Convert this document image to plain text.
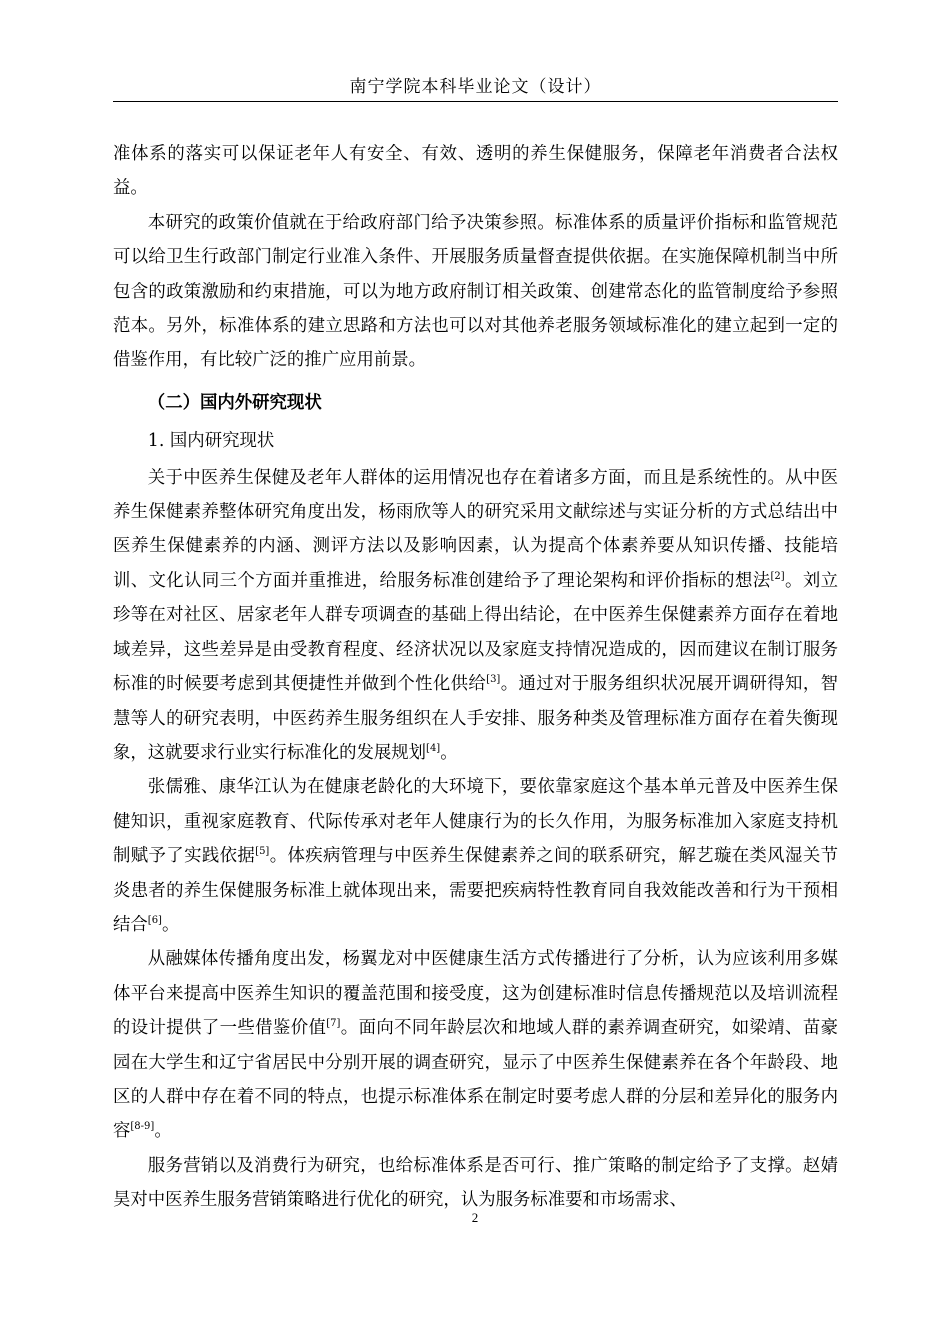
南宁学院本科毕业论文（设计）

准体系的落实可以保证老年人有安全、有效、透明的养生保健服务，保障老年消费者合法权益。

本研究的政策价值就在于给政府部门给予决策参照。标准体系的质量评价指标和监管规范可以给卫生行政部门制定行业准入条件、开展服务质量督查提供依据。在实施保障机制当中所包含的政策激励和约束措施，可以为地方政府制订相关政策、创建常态化的监管制度给予参照范本。另外，标准体系的建立思路和方法也可以对其他养老服务领域标准化的建立起到一定的借鉴作用，有比较广泛的推广应用前景。

（二）国内外研究现状

1. 国内研究现状

关于中医养生保健及老年人群体的运用情况也存在着诸多方面，而且是系统性的。从中医养生保健素养整体研究角度出发，杨雨欣等人的研究采用文献综述与实证分析的方式总结出中医养生保健素养的内涵、测评方法以及影响因素，认为提高个体素养要从知识传播、技能培训、文化认同三个方面并重推进，给服务标准创建给予了理论架构和评价指标的想法[2]。刘立珍等在对社区、居家老年人群专项调查的基础上得出结论，在中医养生保健素养方面存在着地域差异，这些差异是由受教育程度、经济状况以及家庭支持情况造成的，因而建议在制订服务标准的时候要考虑到其便捷性并做到个性化供给[3]。通过对于服务组织状况展开调研得知，智慧等人的研究表明，中医药养生服务组织在人手安排、服务种类及管理标准方面存在着失衡现象，这就要求行业实行标准化的发展规划[4]。

张儒雅、康华江认为在健康老龄化的大环境下，要依靠家庭这个基本单元普及中医养生保健知识，重视家庭教育、代际传承对老年人健康行为的长久作用，为服务标准加入家庭支持机制赋予了实践依据[5]。体疾病管理与中医养生保健素养之间的联系研究，解艺璇在类风湿关节炎患者的养生保健服务标准上就体现出来，需要把疾病特性教育同自我效能改善和行为干预相结合[6]。

从融媒体传播角度出发，杨翼龙对中医健康生活方式传播进行了分析，认为应该利用多媒体平台来提高中医养生知识的覆盖范围和接受度，这为创建标准时信息传播规范以及培训流程的设计提供了一些借鉴价值[7]。面向不同年龄层次和地域人群的素养调查研究，如梁靖、苗豪园在大学生和辽宁省居民中分别开展的调查研究，显示了中医养生保健素养在各个年龄段、地区的人群中存在着不同的特点，也提示标准体系在制定时要考虑人群的分层和差异化的服务内容[8-9]。

服务营销以及消费行为研究，也给标准体系是否可行、推广策略的制定给予了支撑。赵婧昊对中医养生服务营销策略进行优化的研究，认为服务标准要和市场需求、

2
